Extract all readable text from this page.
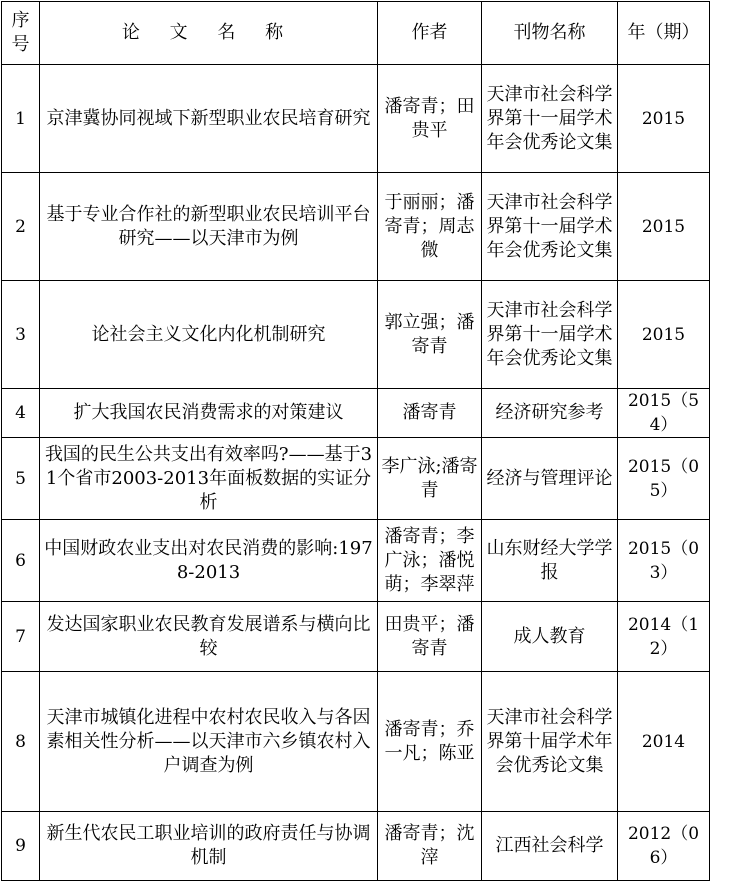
序号	论 文 名 称	作者	刊物名称	年（期）
1	京津冀协同视域下新型职业农民培育研究	潘寄青；田贵平	天津市社会科学界第十一届学术年会优秀论文集	2015
2	基于专业合作社的新型职业农民培训平台研究——以天津市为例	于丽丽；潘寄青；周志微	天津市社会科学界第十一届学术年会优秀论文集	2015
3	论社会主义文化内化机制研究	郭立强；潘寄青	天津市社会科学界第十一届学术年会优秀论文集	2015
4	扩大我国农民消费需求的对策建议	潘寄青	经济研究参考	2015（54）
5	我国的民生公共支出有效率吗?——基于31个省市2003-2013年面板数据的实证分析	李广泳;潘寄青	经济与管理评论	2015（05）
6	中国财政农业支出对农民消费的影响:1978-2013	潘寄青；李广泳；潘悦萌；李翠萍	山东财经大学学报	2015（03）
7	发达国家职业农民教育发展谱系与横向比较	田贵平；潘寄青	成人教育	2014（12）
8	天津市城镇化进程中农村农民收入与各因素相关性分析——以天津市六乡镇农村入户调查为例	潘寄青；乔一凡；陈亚	天津市社会科学界第十届学术年会优秀论文集	2014
9	新生代农民工职业培训的政府责任与协调机制	潘寄青；沈滓	江西社会科学	2012（06）
